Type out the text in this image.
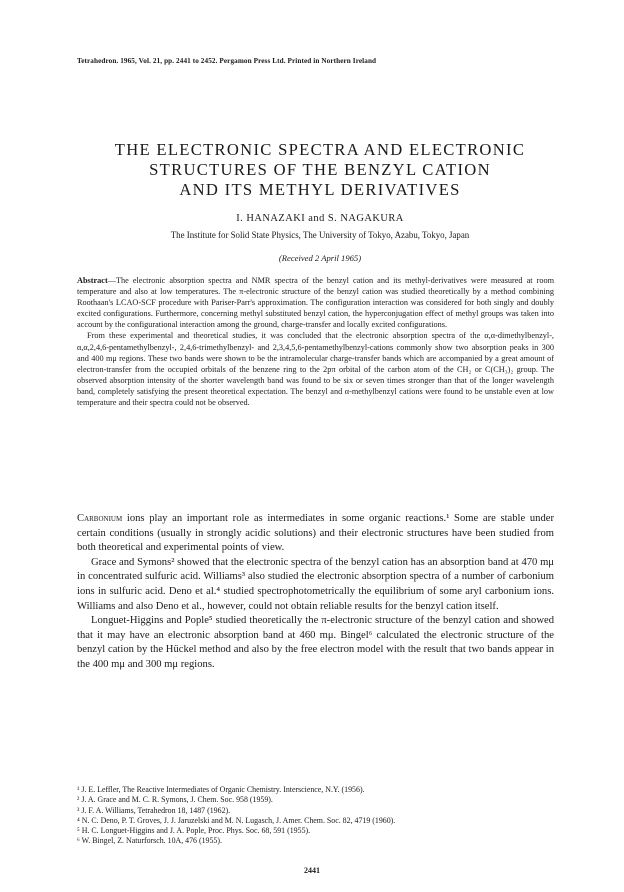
Tetrahedron. 1965, Vol. 21, pp. 2441 to 2452. Pergamon Press Ltd. Printed in Northern Ireland
THE ELECTRONIC SPECTRA AND ELECTRONIC
STRUCTURES OF THE BENZYL CATION
AND ITS METHYL DERIVATIVES
I. HANAZAKI and S. NAGAKURA
The Institute for Solid State Physics, The University of Tokyo, Azabu, Tokyo, Japan
(Received 2 April 1965)

Abstract—The electronic absorption spectra and NMR spectra of the benzyl cation and its methyl-derivatives were measured at room temperature and also at low temperatures. The π-electronic structure of the benzyl cation was studied theoretically by a method combining Roothaan's LCAO-SCF procedure with Pariser-Parr's approximation. The configuration interaction was considered for both singly and doubly excited configurations. Furthermore, concerning methyl substituted benzyl cation, the hyperconjugation effect of methyl groups was taken into account by the configurational interaction among the ground, charge-transfer and locally excited configurations.

From these experimental and theoretical studies, it was concluded that the electronic absorption spectra of the α,α-dimethylbenzyl-, α,α,2,4,6-pentamethylbenzyl-, 2,4,6-trimethylbenzyl- and 2,3,4,5,6-pentamethylbenzyl-cations commonly show two absorption peaks in 300 and 400 mμ regions. These two bands were shown to be the intramolecular charge-transfer bands which are accompanied by a great amount of electron-transfer from the occupied orbitals of the benzene ring to the 2pπ orbital of the carbon atom of the CH₂ or C(CH₃)₂ group. The observed absorption intensity of the shorter wavelength band was found to be six or seven times stronger than that of the longer wavelength band, completely satisfying the present theoretical expectation. The benzyl and α-methylbenzyl cations were found to be unstable even at low temperature and their spectra could not be observed.

Carbonium ions play an important role as intermediates in some organic reactions.¹ Some are stable under certain conditions (usually in strongly acidic solutions) and their electronic structures have been studied from both theoretical and experimental points of view.

Grace and Symons² showed that the electronic spectra of the benzyl cation has an absorption band at 470 mμ in concentrated sulfuric acid. Williams³ also studied the electronic absorption spectra of a number of carbonium ions in sulfuric acid. Deno et al.⁴ studied spectrophotometrically the equilibrium of some aryl carbonium ions. Williams and also Deno et al., however, could not obtain reliable results for the benzyl cation itself.

Longuet-Higgins and Pople⁵ studied theoretically the π-electronic structure of the benzyl cation and showed that it may have an electronic absorption band at 460 mμ. Bingel⁶ calculated the electronic structure of the benzyl cation by the Hückel method and also by the free electron model with the result that two bands appear in the 400 mμ and 300 mμ regions.

¹ J. E. Leffler, The Reactive Intermediates of Organic Chemistry. Interscience, N.Y. (1956).
² J. A. Grace and M. C. R. Symons, J. Chem. Soc. 958 (1959).
³ J. F. A. Williams, Tetrahedron 18, 1487 (1962).
⁴ N. C. Deno, P. T. Groves, J. J. Jaruzelski and M. N. Lugasch, J. Amer. Chem. Soc. 82, 4719 (1960).
⁵ H. C. Longuet-Higgins and J. A. Pople, Proc. Phys. Soc. 68, 591 (1955).
⁶ W. Bingel, Z. Naturforsch. 10A, 476 (1955).
2441
